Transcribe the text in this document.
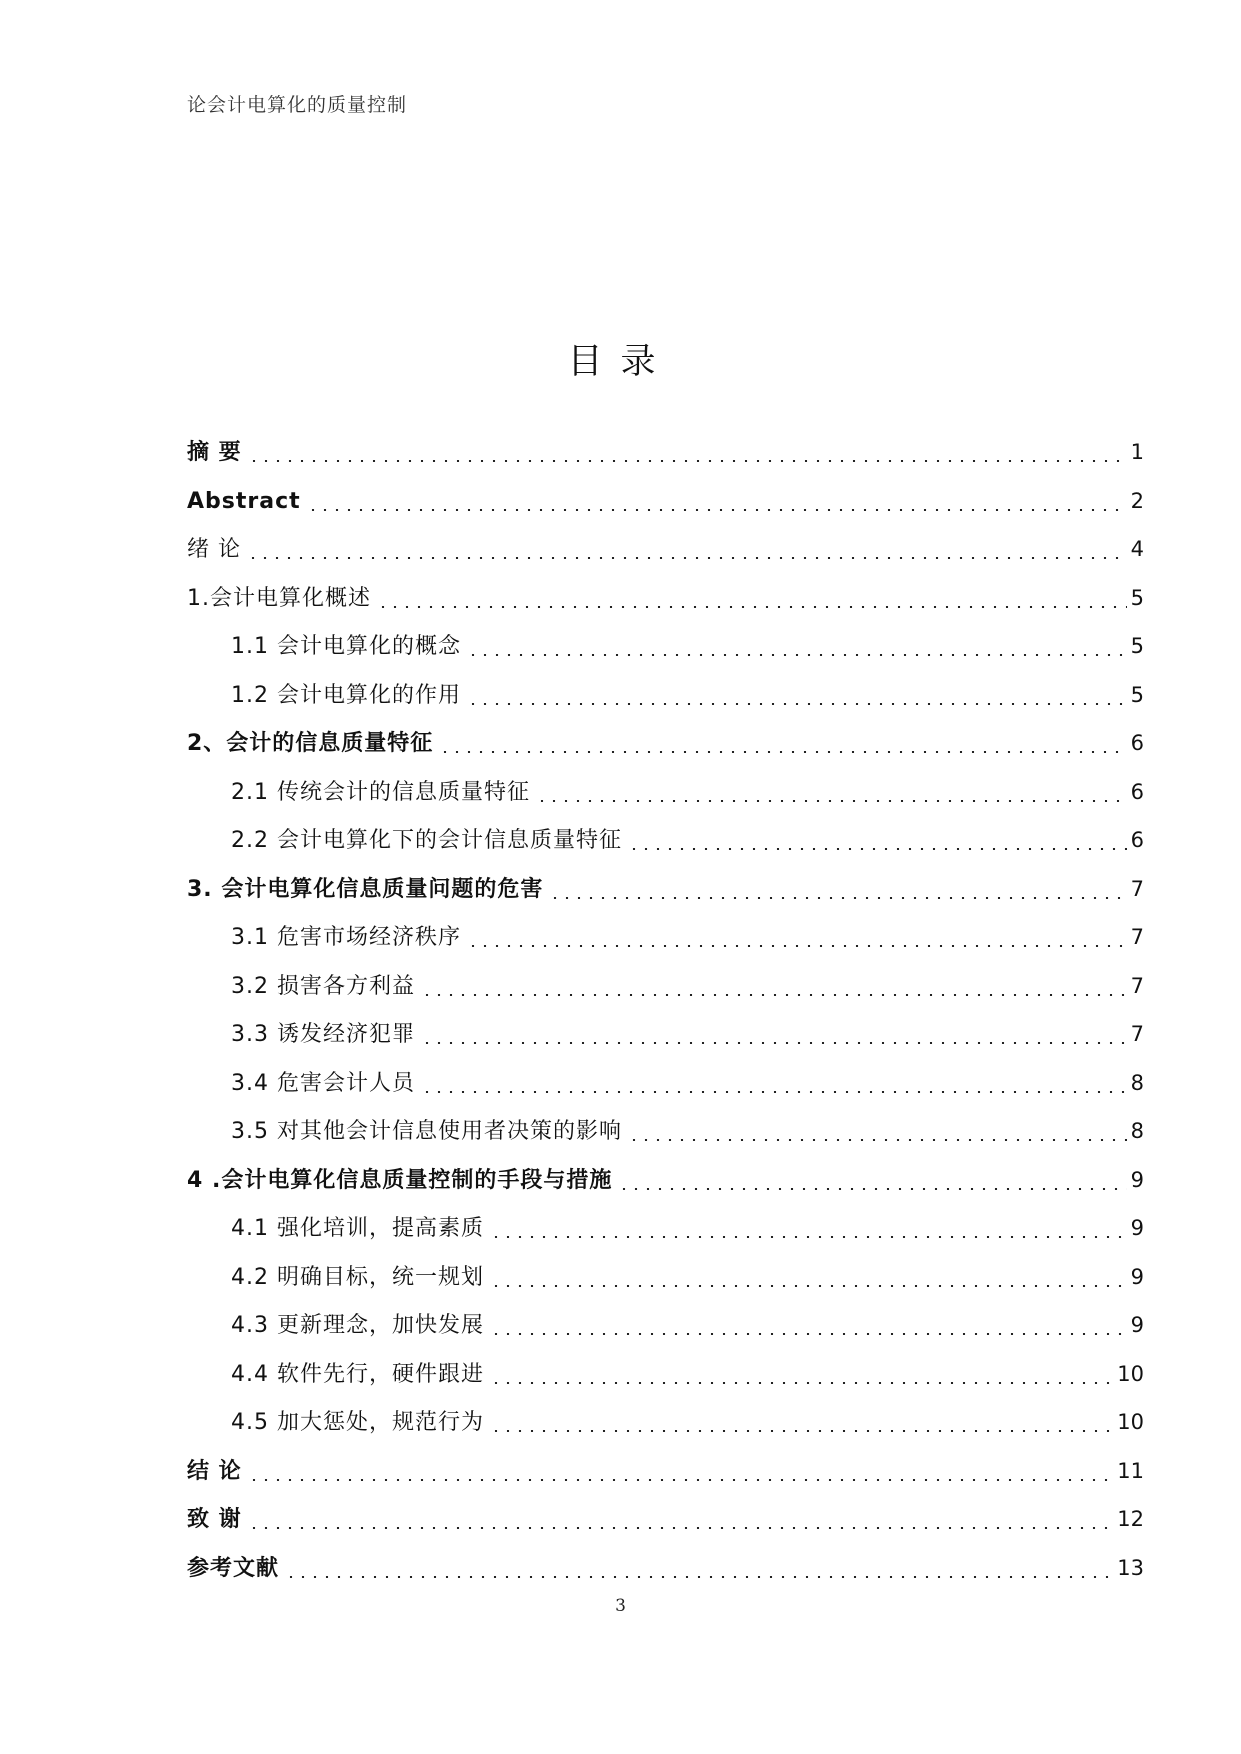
论会计电算化的质量控制
目录
摘 要	1
Abstract	2
绪 论	4
1.会计电算化概述	5
1.1 会计电算化的概念	5
1.2 会计电算化的作用	5
2、会计的信息质量特征	6
2.1 传统会计的信息质量特征	6
2.2 会计电算化下的会计信息质量特征	6
3. 会计电算化信息质量问题的危害	7
3.1 危害市场经济秩序	7
3.2 损害各方利益	7
3.3 诱发经济犯罪	7
3.4 危害会计人员	8
3.5 对其他会计信息使用者决策的影响	8
4 .会计电算化信息质量控制的手段与措施	9
4.1 强化培训，提高素质	9
4.2 明确目标，统一规划	9
4.3 更新理念，加快发展	9
4.4 软件先行，硬件跟进	10
4.5 加大惩处，规范行为	10
结 论	11
致 谢	12
参考文献	13
3
